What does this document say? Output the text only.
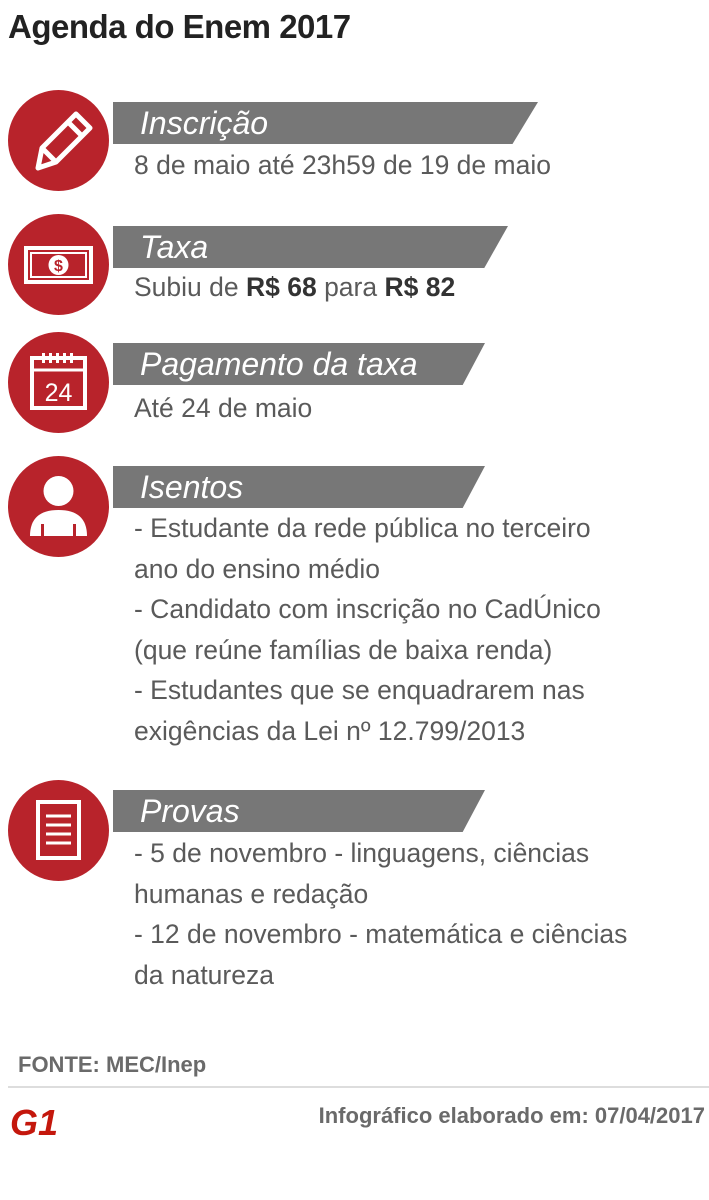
Agenda do Enem 2017
Inscrição

8 de maio até 23h59 de 19 de maio

Taxa
$

Subiu de R$ 68 para R$ 82

Pagamento da taxa
24 Até 24 de maio

Isentos
- Estudante da rede pública no terceiro
ano do ensino médio
- Candidato com inscrição no CadÚnico
(que reúne famílias de baixa renda)
- Estudantes que se enquadrarem nas
exigências da Lei nº 12.799/2013
Provas
- 5 de novembro - linguagens, ciências
humanas e redação
- 12 de novembro - matemática e ciências
da natureza
FONTE: MEC/Inep
G1	Infográfico elaborado em: 07/04/2017
